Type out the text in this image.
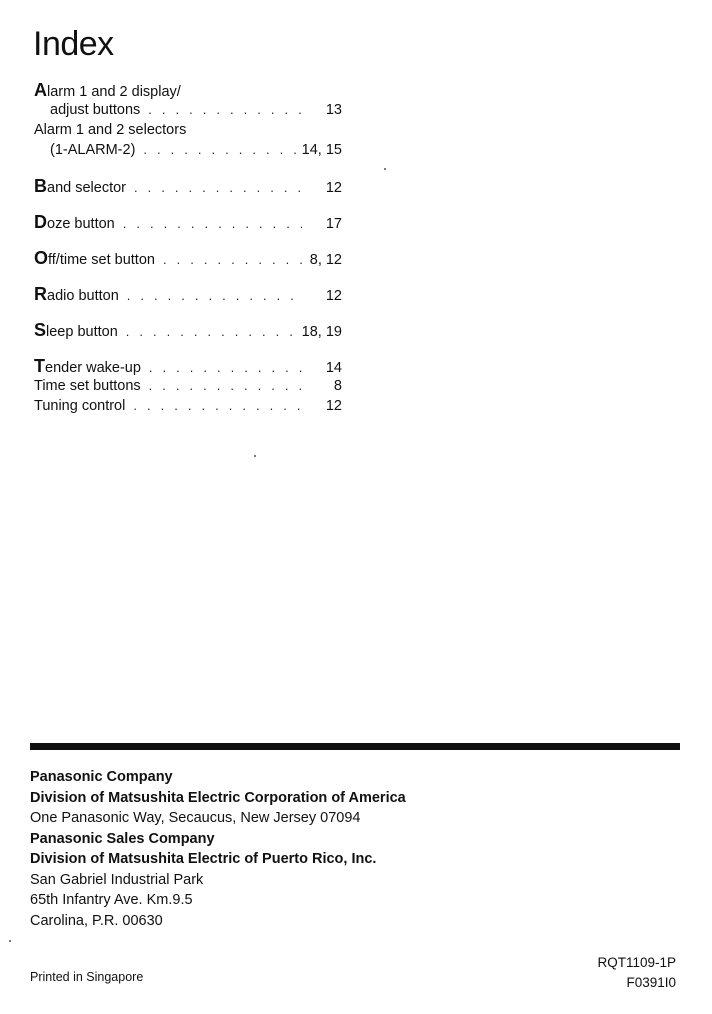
Index
Alarm 1 and 2 display/
adjust buttons . . .	13
Alarm 1 and 2 selectors
(1-ALARM-2) . . .	14, 15
Band selector . . .	12
Doze button . . .	17
Off/time set button . . .	8, 12
Radio button . . .	12
Sleep button . . .	18, 19
Tender wake-up . . .	14
Time set buttons . . .	8
Tuning control . . .	12
Panasonic Company
Division of Matsushita Electric Corporation of America
One Panasonic Way, Secaucus, New Jersey 07094
Panasonic Sales Company
Division of Matsushita Electric of Puerto Rico, Inc.
San Gabriel Industrial Park
65th Infantry Ave. Km.9.5
Carolina, P.R. 00630
Printed in Singapore
RQT1109-1P
F0391I0
